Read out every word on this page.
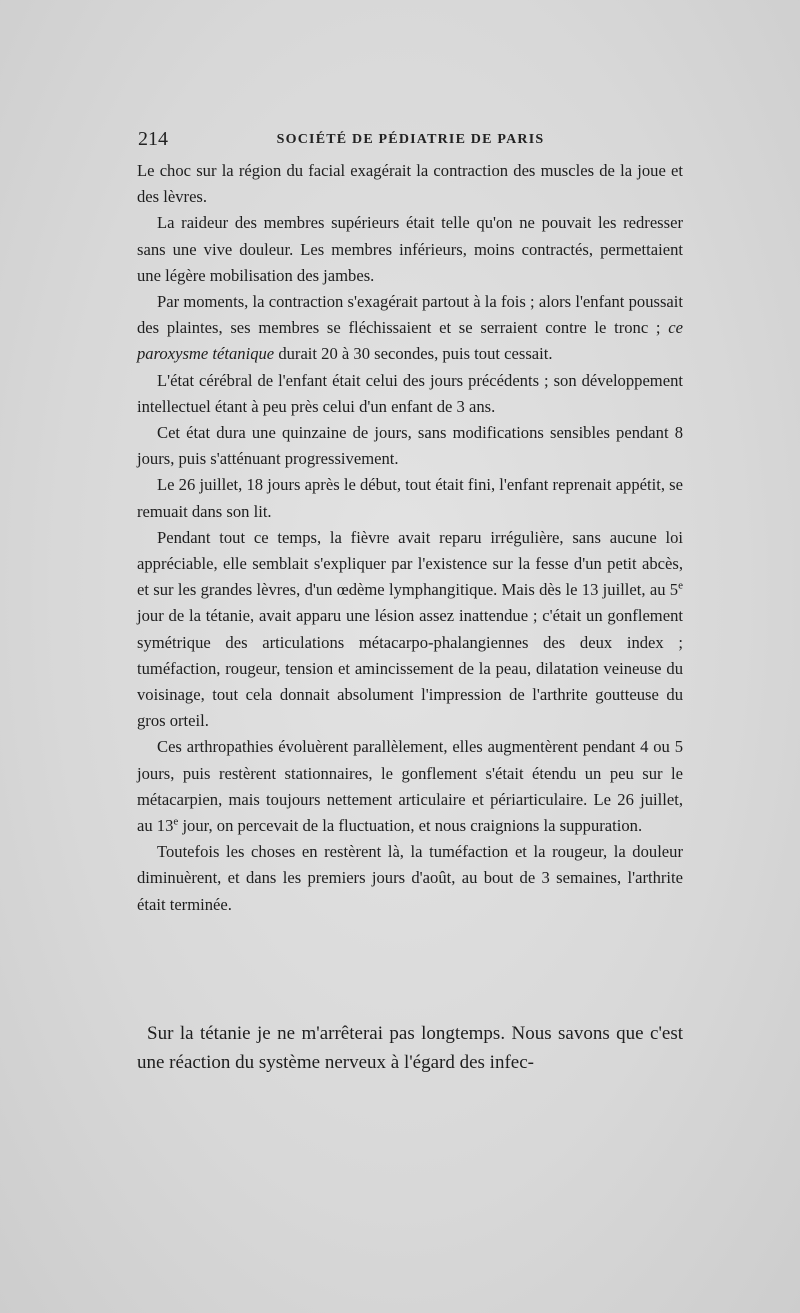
214	SOCIÉTÉ DE PÉDIATRIE DE PARIS

Le choc sur la région du facial exagérait la contraction des muscles de la joue et des lèvres.

La raideur des membres supérieurs était telle qu'on ne pouvait les redresser sans une vive douleur. Les membres inférieurs, moins contractés, permettaient une légère mobilisation des jambes.

Par moments, la contraction s'exagérait partout à la fois ; alors l'enfant poussait des plaintes, ses membres se fléchissaient et se serraient contre le tronc ; ce paroxysme tétanique durait 20 à 30 secondes, puis tout cessait.

L'état cérébral de l'enfant était celui des jours précédents ; son développement intellectuel étant à peu près celui d'un enfant de 3 ans.

Cet état dura une quinzaine de jours, sans modifications sensibles pendant 8 jours, puis s'atténuant progressivement.

Le 26 juillet, 18 jours après le début, tout était fini, l'enfant reprenait appétit, se remuait dans son lit.

Pendant tout ce temps, la fièvre avait reparu irrégulière, sans aucune loi appréciable, elle semblait s'expliquer par l'existence sur la fesse d'un petit abcès, et sur les grandes lèvres, d'un œdème lymphangitique. Mais dès le 13 juillet, au 5e jour de la tétanie, avait apparu une lésion assez inattendue ; c'était un gonflement symétrique des articulations métacarpo-phalangiennes des deux index ; tuméfaction, rougeur, tension et amincissement de la peau, dilatation veineuse du voisinage, tout cela donnait absolument l'impression de l'arthrite goutteuse du gros orteil.

Ces arthropathies évoluèrent parallèlement, elles augmentèrent pendant 4 ou 5 jours, puis restèrent stationnaires, le gonflement s'était étendu un peu sur le métacarpien, mais toujours nettement articulaire et périarticulaire. Le 26 juillet, au 13e jour, on percevait de la fluctuation, et nous craignions la suppuration.

Toutefois les choses en restèrent là, la tuméfaction et la rougeur, la douleur diminuèrent, et dans les premiers jours d'août, au bout de 3 semaines, l'arthrite était terminée.

Sur la tétanie je ne m'arrêterai pas longtemps. Nous savons que c'est une réaction du système nerveux à l'égard des infec-
